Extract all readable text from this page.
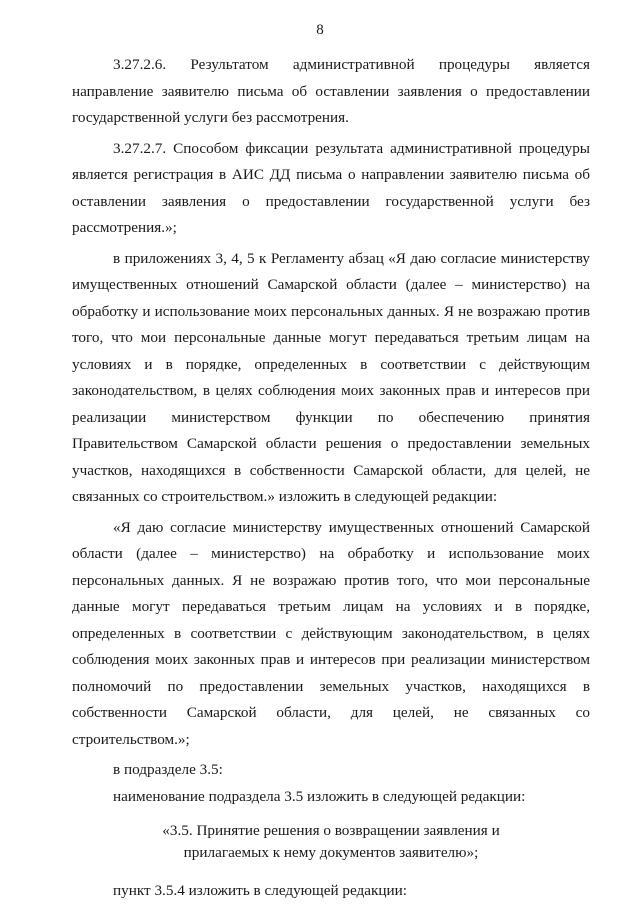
8

3.27.2.6. Результатом административной процедуры является направление заявителю письма об оставлении заявления о предоставлении государственной услуги без рассмотрения.

3.27.2.7. Способом фиксации результата административной процедуры является регистрация в АИС ДД письма о направлении заявителю письма об оставлении заявления о предоставлении государственной услуги без рассмотрения.»;

в приложениях 3, 4, 5 к Регламенту абзац «Я даю согласие министерству имущественных отношений Самарской области (далее – министерство) на обработку и использование моих персональных данных. Я не возражаю против того, что мои персональные данные могут передаваться третьим лицам на условиях и в порядке, определенных в соответствии с действующим законодательством, в целях соблюдения моих законных прав и интересов при реализации министерством функции по обеспечению принятия Правительством Самарской области решения о предоставлении земельных участков, находящихся в собственности Самарской области, для целей, не связанных со строительством.» изложить в следующей редакции:

«Я даю согласие министерству имущественных отношений Самарской области (далее – министерство) на обработку и использование моих персональных данных. Я не возражаю против того, что мои персональные данные могут передаваться третьим лицам на условиях и в порядке, определенных в соответствии с действующим законодательством, в целях соблюдения моих законных прав и интересов при реализации министерством полномочий по предоставлении земельных участков, находящихся в собственности Самарской области, для целей, не связанных со строительством.»;

в подразделе 3.5:

наименование подраздела 3.5 изложить в следующей редакции:

«3.5. Принятие решения о возвращении заявления и
прилагаемых к нему документов заявителю»;

пункт 3.5.4 изложить в следующей редакции:
